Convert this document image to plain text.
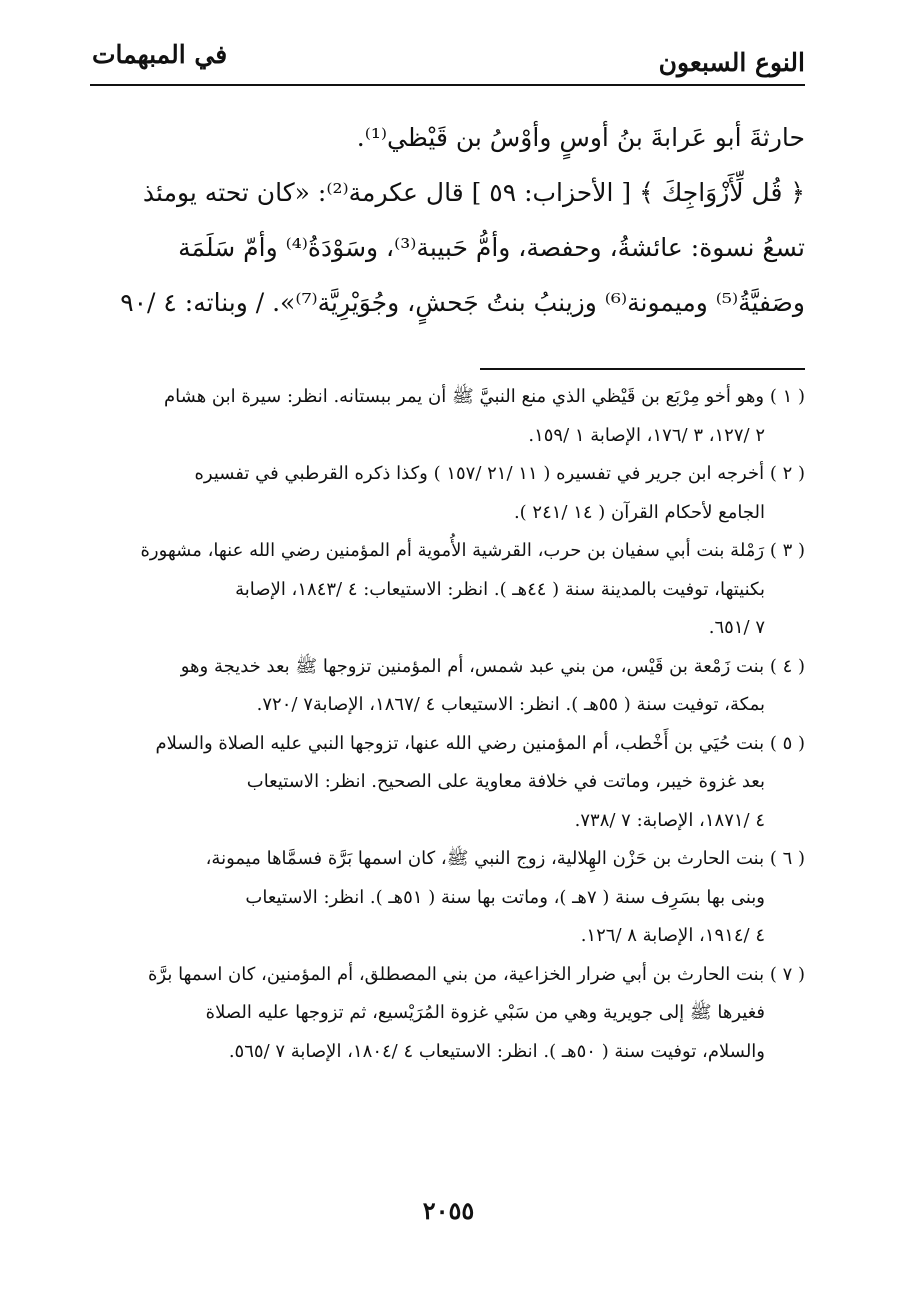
النوع السبعون
في المبهمات

حارثةَ أبو عَرابةَ بنُ أوسٍ وأوْسُ بن قَيْظي⁽¹⁾.

﴿ قُل لِّأَزْوَاجِكَ ﴾ [ الأحزاب: ٥٩ ] قال عكرمة⁽²⁾: «كان تحته يومئذ

تسعُ نسوة: عائشةُ، وحفصة، وأمُّ حَبيبة⁽³⁾، وسَوْدَةُ⁽⁴⁾ وأمّ سَلَمَة

وصَفيَّةُ⁽⁵⁾ وميمونة⁽⁶⁾ وزينبُ بنتُ جَحشٍ، وجُوَيْرِيَّة⁽⁷⁾». / وبناته: ٤ /٩٠

( ١ ) وهو أخو مِرْبَع بن قَيْظي الذي منع النبيَّ ﷺ أن يمر ببستانه. انظر: سيرة ابن هشام
٢ /١٢٧، ٣ /١٧٦، الإصابة ١ /١٥٩.
( ٢ ) أخرجه ابن جرير في تفسيره ( ١١ /٢١ /١٥٧ ) وكذا ذكره القرطبي في تفسيره
الجامع لأحكام القرآن ( ١٤ /٢٤١ ).
( ٣ ) رَمْلة بنت أبي سفيان بن حرب، القرشية الأُموية أم المؤمنين رضي الله عنها، مشهورة
بكنيتها، توفيت بالمدينة سنة ( ٤٤هـ ). انظر: الاستيعاب: ٤ /١٨٤٣، الإصابة
٧ /٦٥١.
( ٤ ) بنت زَمْعة بن قَيْس، من بني عبد شمس، أم المؤمنين تزوجها ﷺ بعد خديجة وهو
بمكة، توفيت سنة ( ٥٥هـ ). انظر: الاستيعاب ٤ /١٨٦٧، الإصابة٧ /٧٢٠.
( ٥ ) بنت حُيَي بن أَخْطب، أم المؤمنين رضي الله عنها، تزوجها النبي عليه الصلاة والسلام
بعد غزوة خيبر، وماتت في خلافة معاوية على الصحيح. انظر: الاستيعاب
٤ /١٨٧١، الإصابة: ٧ /٧٣٨.
( ٦ ) بنت الحارث بن حَزْن الهِلالية، زوج النبي ﷺ، كان اسمها بَرَّة فسمَّاها ميمونة،
وبنى بها بسَرِف سنة ( ٧هـ )، وماتت بها سنة ( ٥١هـ ). انظر: الاستيعاب
٤ /١٩١٤، الإصابة ٨ /١٢٦.
( ٧ ) بنت الحارث بن أبي ضرار الخزاعية، من بني المصطلق، أم المؤمنين، كان اسمها برَّة
فغيرها ﷺ إلى جويرية وهي من سَبْي غزوة المُرَيْسيع، ثم تزوجها عليه الصلاة
والسلام، توفيت سنة ( ٥٠هـ ). انظر: الاستيعاب ٤ /١٨٠٤، الإصابة ٧ /٥٦٥.
٢٠٥٥
